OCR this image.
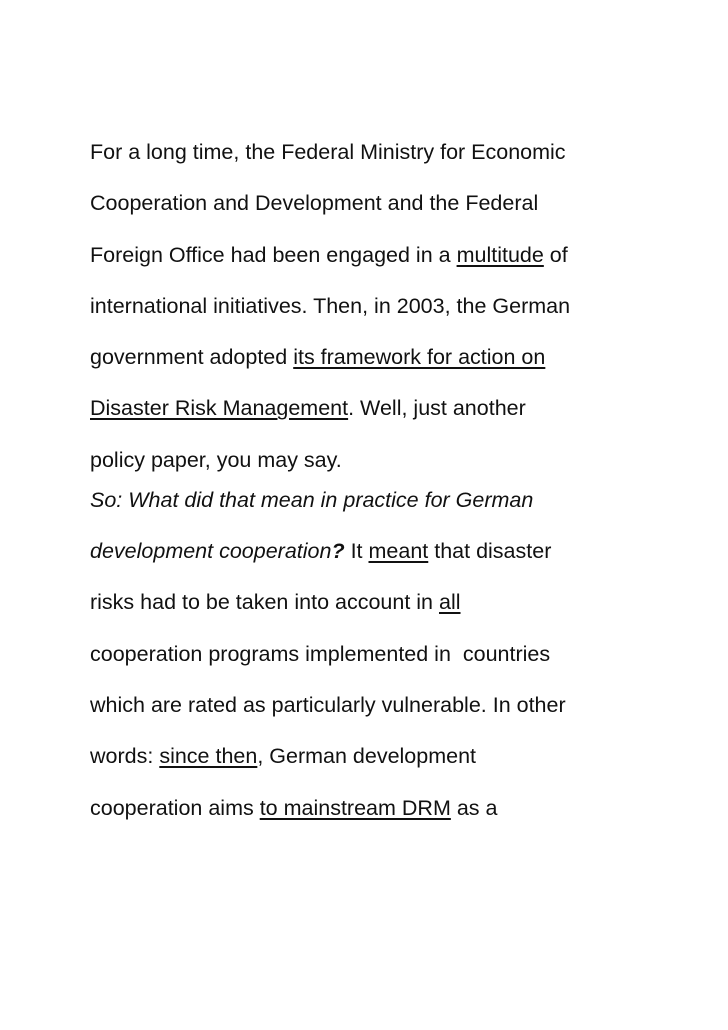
For a long time, the Federal Ministry for Economic
Cooperation and Development and the Federal
Foreign Office had been engaged in a multitude of
international initiatives. Then, in 2003, the German
government adopted its framework for action on
Disaster Risk Management. Well, just another
policy paper, you may say.
So: What did that mean in practice for German
development cooperation? It meant that disaster
risks had to be taken into account in all
cooperation programs implemented in  countries
which are rated as particularly vulnerable. In other
words: since then, German development
cooperation aims to mainstream DRM as a
